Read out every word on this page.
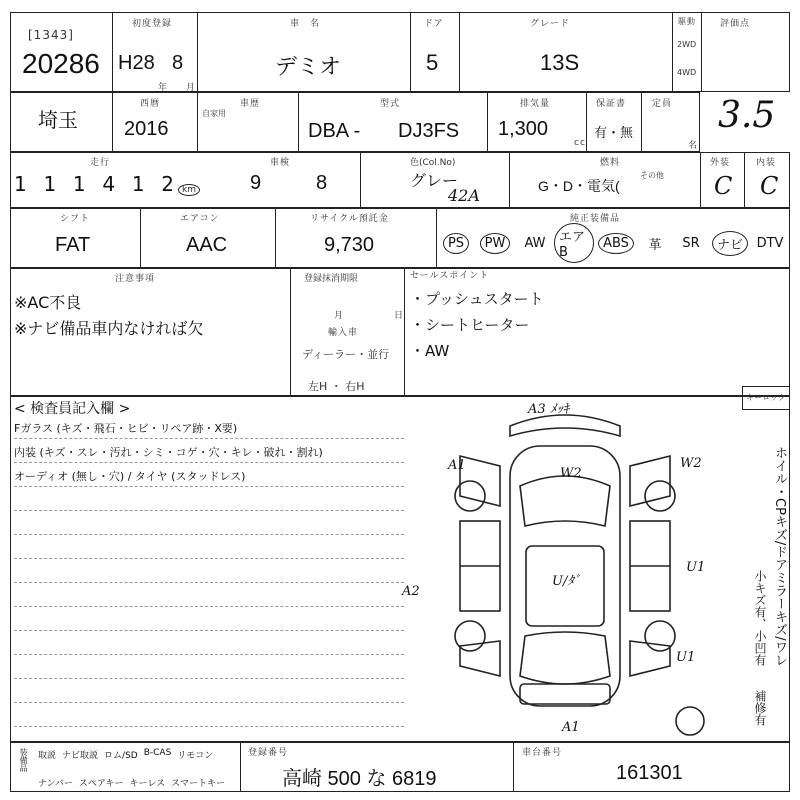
[1343]
20286
初度登録
H28 8
年 月
車　名
デミオ
ドア
5
グレード
13S
駆動
2WD
4WD
評価点
3.5
埼玉
西暦
2016
車歴
自家用
型式
DBA - DJ3FS
排気量
1,300
cc
保証書
有・無
定員
名
走行
1 1 1 4 1 2 km
車検
9	8
色(Col.No)
グレー
42A
燃料
G・D・電気(
その他
外装	内装
C C
シフト
FAT
エアコン
AAC
リサイクル預託金
9,730
純正装備品
PS	PW	AW	エアB
ABS	革 SR	ナビ	DTV
注意事項
※AC不良
※ナビ備品車内なければ欠
登録抹消期限
月	日
輸入車
ディーラー・並行
左H ・ 右H
セールスポイント
・プッシュスタート
・シートヒーター
・AW
< 検査員記入欄 >
Fガラス (キズ・飛石・ヒビ・リペア跡・X要)
内装 (キズ・スレ・汚れ・シミ・コゲ・穴・キレ・破れ・割れ)
オーディオ (無し・穴) / タイヤ (スタッドレス)
A3 ﾒｯｷ
W2
W2
A1
A2
U/ﾀﾞ
U1
U1
A1
キーロック
ホイル・CPキズ/ドアミラーキズ/ワレ
小キズ有、小凹有
補修有
装備品 取説 ナビ取説 ロム/SD B-CAS リモコン
ナンバー スペアキー キーレス スマートキー
登録番号
高崎 500 な 6819
車台番号
161301
